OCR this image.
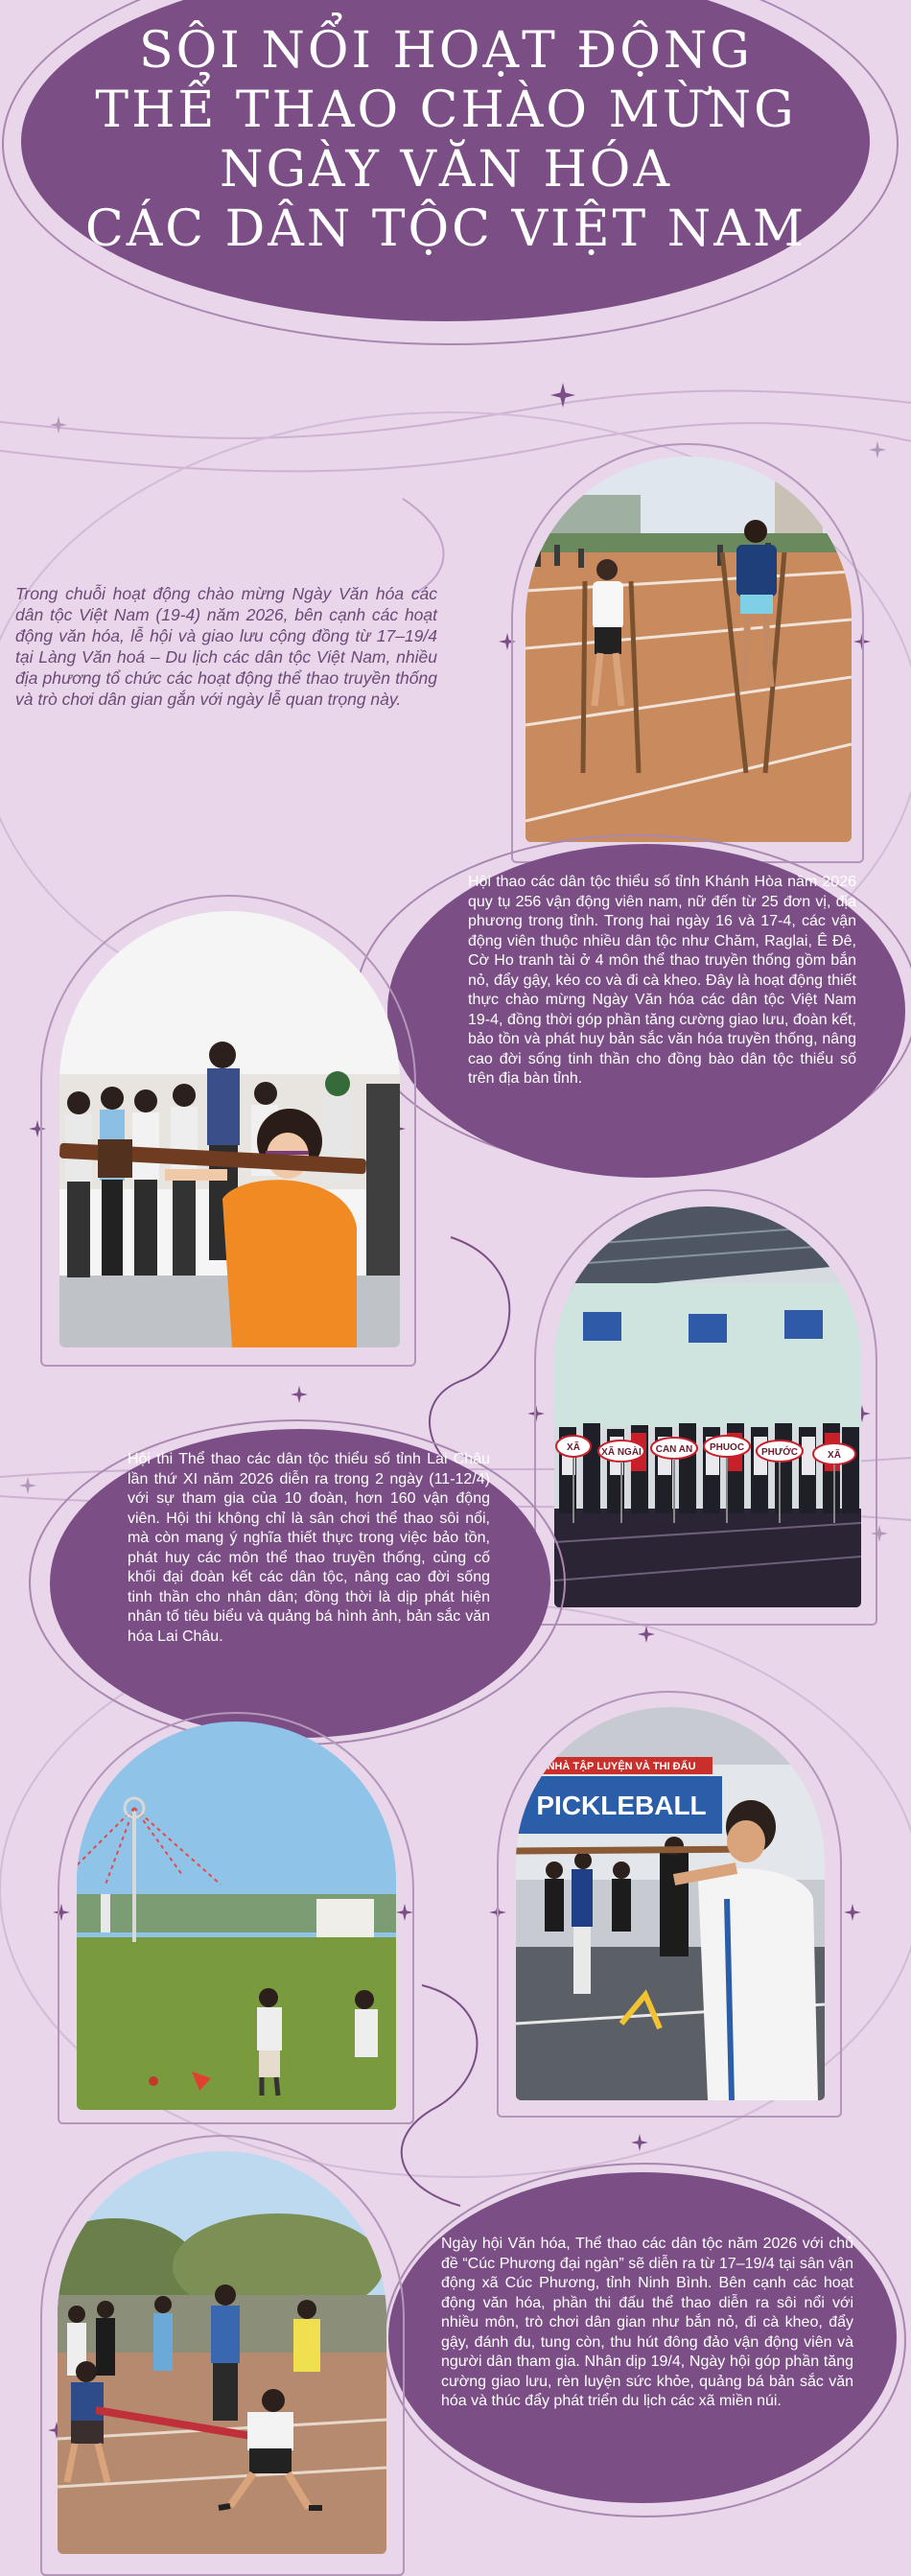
SÔI NỔI HOẠT ĐỘNG
THỂ THAO CHÀO MỪNG
NGÀY VĂN HÓA
CÁC DÂN TỘC VIỆT NAM

Trong chuỗi hoạt động chào mừng Ngày Văn hóa các dân tộc Việt Nam (19-4) năm 2026, bên cạnh các hoạt động văn hóa, lễ hội và giao lưu cộng đồng từ 17–19/4 tại Làng Văn hoá – Du lịch các dân tộc Việt Nam, nhiều địa phương tổ chức các hoạt động thể thao truyền thống và trò chơi dân gian gắn với ngày lễ quan trọng này.

Hội thao các dân tộc thiểu số tỉnh Khánh Hòa năm 2026 quy tụ 256 vận động viên nam, nữ đến từ 25 đơn vị, địa phương trong tỉnh. Trong hai ngày 16 và 17-4, các vận động viên thuộc nhiều dân tộc như Chăm, Raglai, Ê Đê, Cờ Ho tranh tài ở 4 môn thể thao truyền thống gồm bắn nỏ, đẩy gậy, kéo co và đi cà kheo. Đây là hoạt động thiết thực chào mừng Ngày Văn hóa các dân tộc Việt Nam 19-4, đồng thời góp phần tăng cường giao lưu, đoàn kết, bảo tồn và phát huy bản sắc văn hóa truyền thống, nâng cao đời sống tinh thần cho đồng bào dân tộc thiểu số trên địa bàn tỉnh.

XÃ XÃ NGÀI CAN AN PHUOC PHƯỚC	XÃ

Hội thi Thể thao các dân tộc thiểu số tỉnh Lai Châu lần thứ XI năm 2026 diễn ra trong 2 ngày (11-12/4) với sự tham gia của 10 đoàn, hơn 160 vận động viên. Hội thi không chỉ là sân chơi thể thao sôi nổi, mà còn mang ý nghĩa thiết thực trong việc bảo tồn, phát huy các môn thể thao truyền thống, củng cố khối đại đoàn kết các dân tộc, nâng cao đời sống tinh thần cho nhân dân; đồng thời là dịp phát hiện nhân tố tiêu biểu và quảng bá hình ảnh, bản sắc văn hóa Lai Châu.

NHÀ TẬP LUYỆN VÀ THI ĐẤU
PICKLEBALL

Ngày hội Văn hóa, Thể thao các dân tộc năm 2026 với chủ đề “Cúc Phương đại ngàn” sẽ diễn ra từ 17–19/4 tại sân vận động xã Cúc Phương, tỉnh Ninh Bình. Bên cạnh các hoạt động văn hóa, phần thi đấu thể thao diễn ra sôi nổi với nhiều môn, trò chơi dân gian như bắn nỏ, đi cà kheo, đẩy gậy, đánh đu, tung còn, thu hút đông đảo vận động viên và người dân tham gia. Nhân dịp 19/4, Ngày hội góp phần tăng cường giao lưu, rèn luyện sức khỏe, quảng bá bản sắc văn hóa và thúc đẩy phát triển du lịch các xã miền núi.
